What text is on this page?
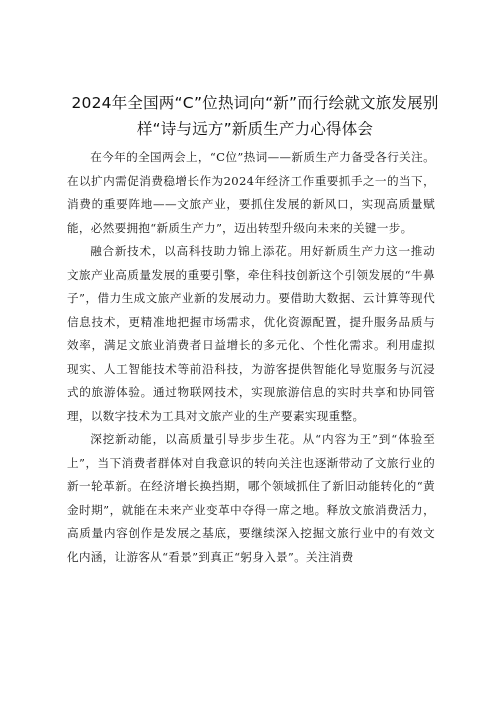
2024年全国两“C”位热词向“新”而行绘就文旅发展别
样“诗与远方”新质生产力心得体会

在今年的全国两会上，“C位”热词——新质生产力备受各行关注。在以扩内需促消费稳增长作为2024年经济工作重要抓手之一的当下，消费的重要阵地——文旅产业，要抓住发展的新风口，实现高质量赋能，必然要拥抱“新质生产力”，迈出转型升级向未来的关键一步。

融合新技术，以高科技助力锦上添花。用好新质生产力这一推动文旅产业高质量发展的重要引擎，牵住科技创新这个引领发展的“牛鼻子”，借力生成文旅产业新的发展动力。要借助大数据、云计算等现代信息技术，更精准地把握市场需求，优化资源配置，提升服务品质与效率，满足文旅业消费者日益增长的多元化、个性化需求。利用虚拟现实、人工智能技术等前沿科技，为游客提供智能化导览服务与沉浸式的旅游体验。通过物联网技术，实现旅游信息的实时共享和协同管理，以数字技术为工具对文旅产业的生产要素实现重整。

深挖新动能，以高质量引导步步生花。从“内容为王”到“体验至上”，当下消费者群体对自我意识的转向关注也逐渐带动了文旅行业的新一轮革新。在经济增长换挡期，哪个领域抓住了新旧动能转化的“黄金时期”，就能在未来产业变革中夺得一席之地。释放文旅消费活力，高质量内容创作是发展之基底，要继续深入挖掘文旅行业中的有效文化内涵，让游客从“看景”到真正“躬身入景”。关注消费
